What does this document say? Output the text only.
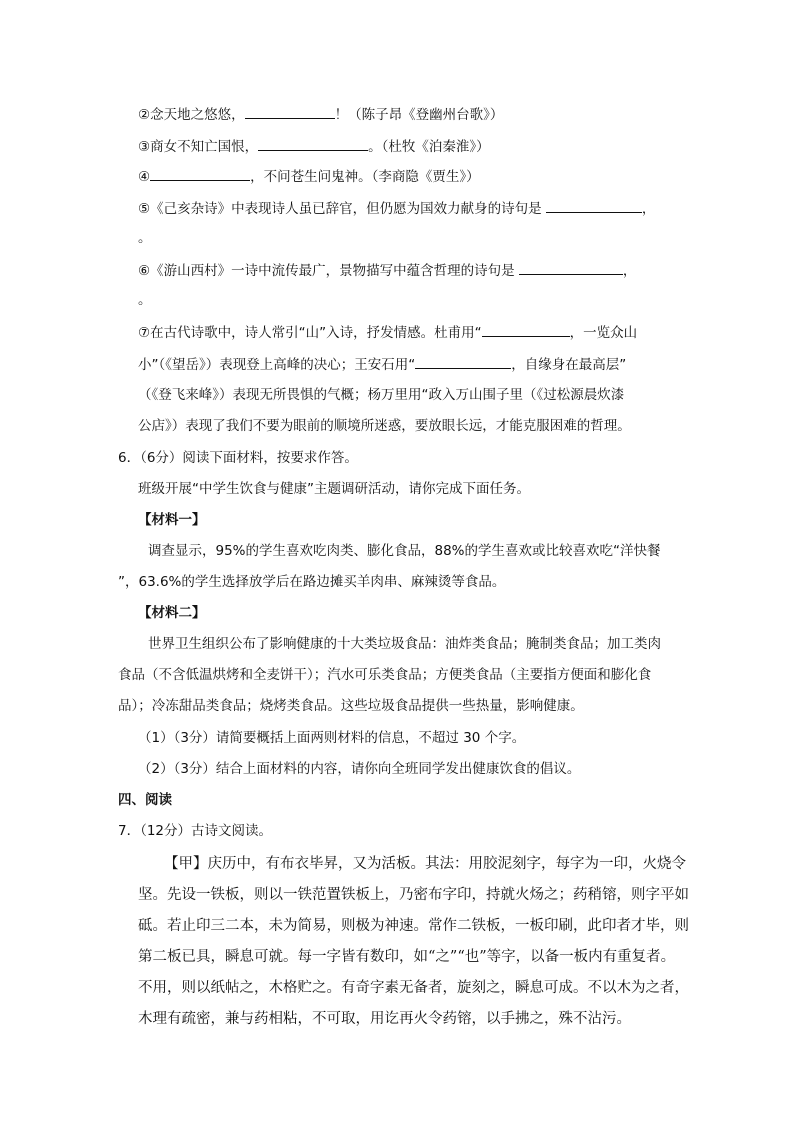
②念天地之悠悠，	！（陈子昂《登幽州台歌》）
③商女不知亡国恨，	。（杜牧《泊秦淮》）
④	，不问苍生问鬼神。（李商隐《贾生》）
⑤《己亥杂诗》中表现诗人虽已辞官，但仍愿为国效力献身的诗句是	，
。
⑥《游山西村》一诗中流传最广，景物描写中蕴含哲理的诗句是	，
。
⑦在古代诗歌中，诗人常引“山”入诗，抒发情感。杜甫用“	，一览众山
小”（《望岳》）表现登上高峰的决心；王安石用“	，自缘身在最高层”
（《登飞来峰》）表现无所畏惧的气概；杨万里用“政入万山围子里（《过松源晨炊漆
公店》）表现了我们不要为眼前的顺境所迷惑，要放眼长远，才能克服困难的哲理。
6．（6分）阅读下面材料，按要求作答。
班级开展“中学生饮食与健康”主题调研活动，请你完成下面任务。
【材料一】
调查显示，95%的学生喜欢吃肉类、膨化食品，88%的学生喜欢或比较喜欢吃“洋快餐
”，63.6%的学生选择放学后在路边摊买羊肉串、麻辣烫等食品。
【材料二】
世界卫生组织公布了影响健康的十大类垃圾食品：油炸类食品；腌制类食品；加工类肉
食品（不含低温烘烤和全麦饼干）；汽水可乐类食品；方便类食品（主要指方便面和膨化食
品）；冷冻甜品类食品；烧烤类食品。这些垃圾食品提供一些热量，影响健康。
（1）（3分）请简要概括上面两则材料的信息，不超过 30 个字。
（2）（3分）结合上面材料的内容，请你向全班同学发出健康饮食的倡议。
四、阅读
7．（12分）古诗文阅读。
【甲】庆历中，有布衣毕昇，又为活板。其法：用胶泥刻字，每字为一印，火烧令
坚。先设一铁板，则以一铁范置铁板上，乃密布字印，持就火炀之；药稍镕，则字平如
砥。若止印三二本，未为简易，则极为神速。常作二铁板，一板印刷，此印者才毕，则
第二板已具，瞬息可就。每一字皆有数印，如“之”“也”等字，以备一板内有重复者。
不用，则以纸帖之，木格贮之。有奇字素无备者，旋刻之，瞬息可成。不以木为之者，
木理有疏密，兼与药相粘，不可取，用讫再火令药镕，以手拂之，殊不沾污。
